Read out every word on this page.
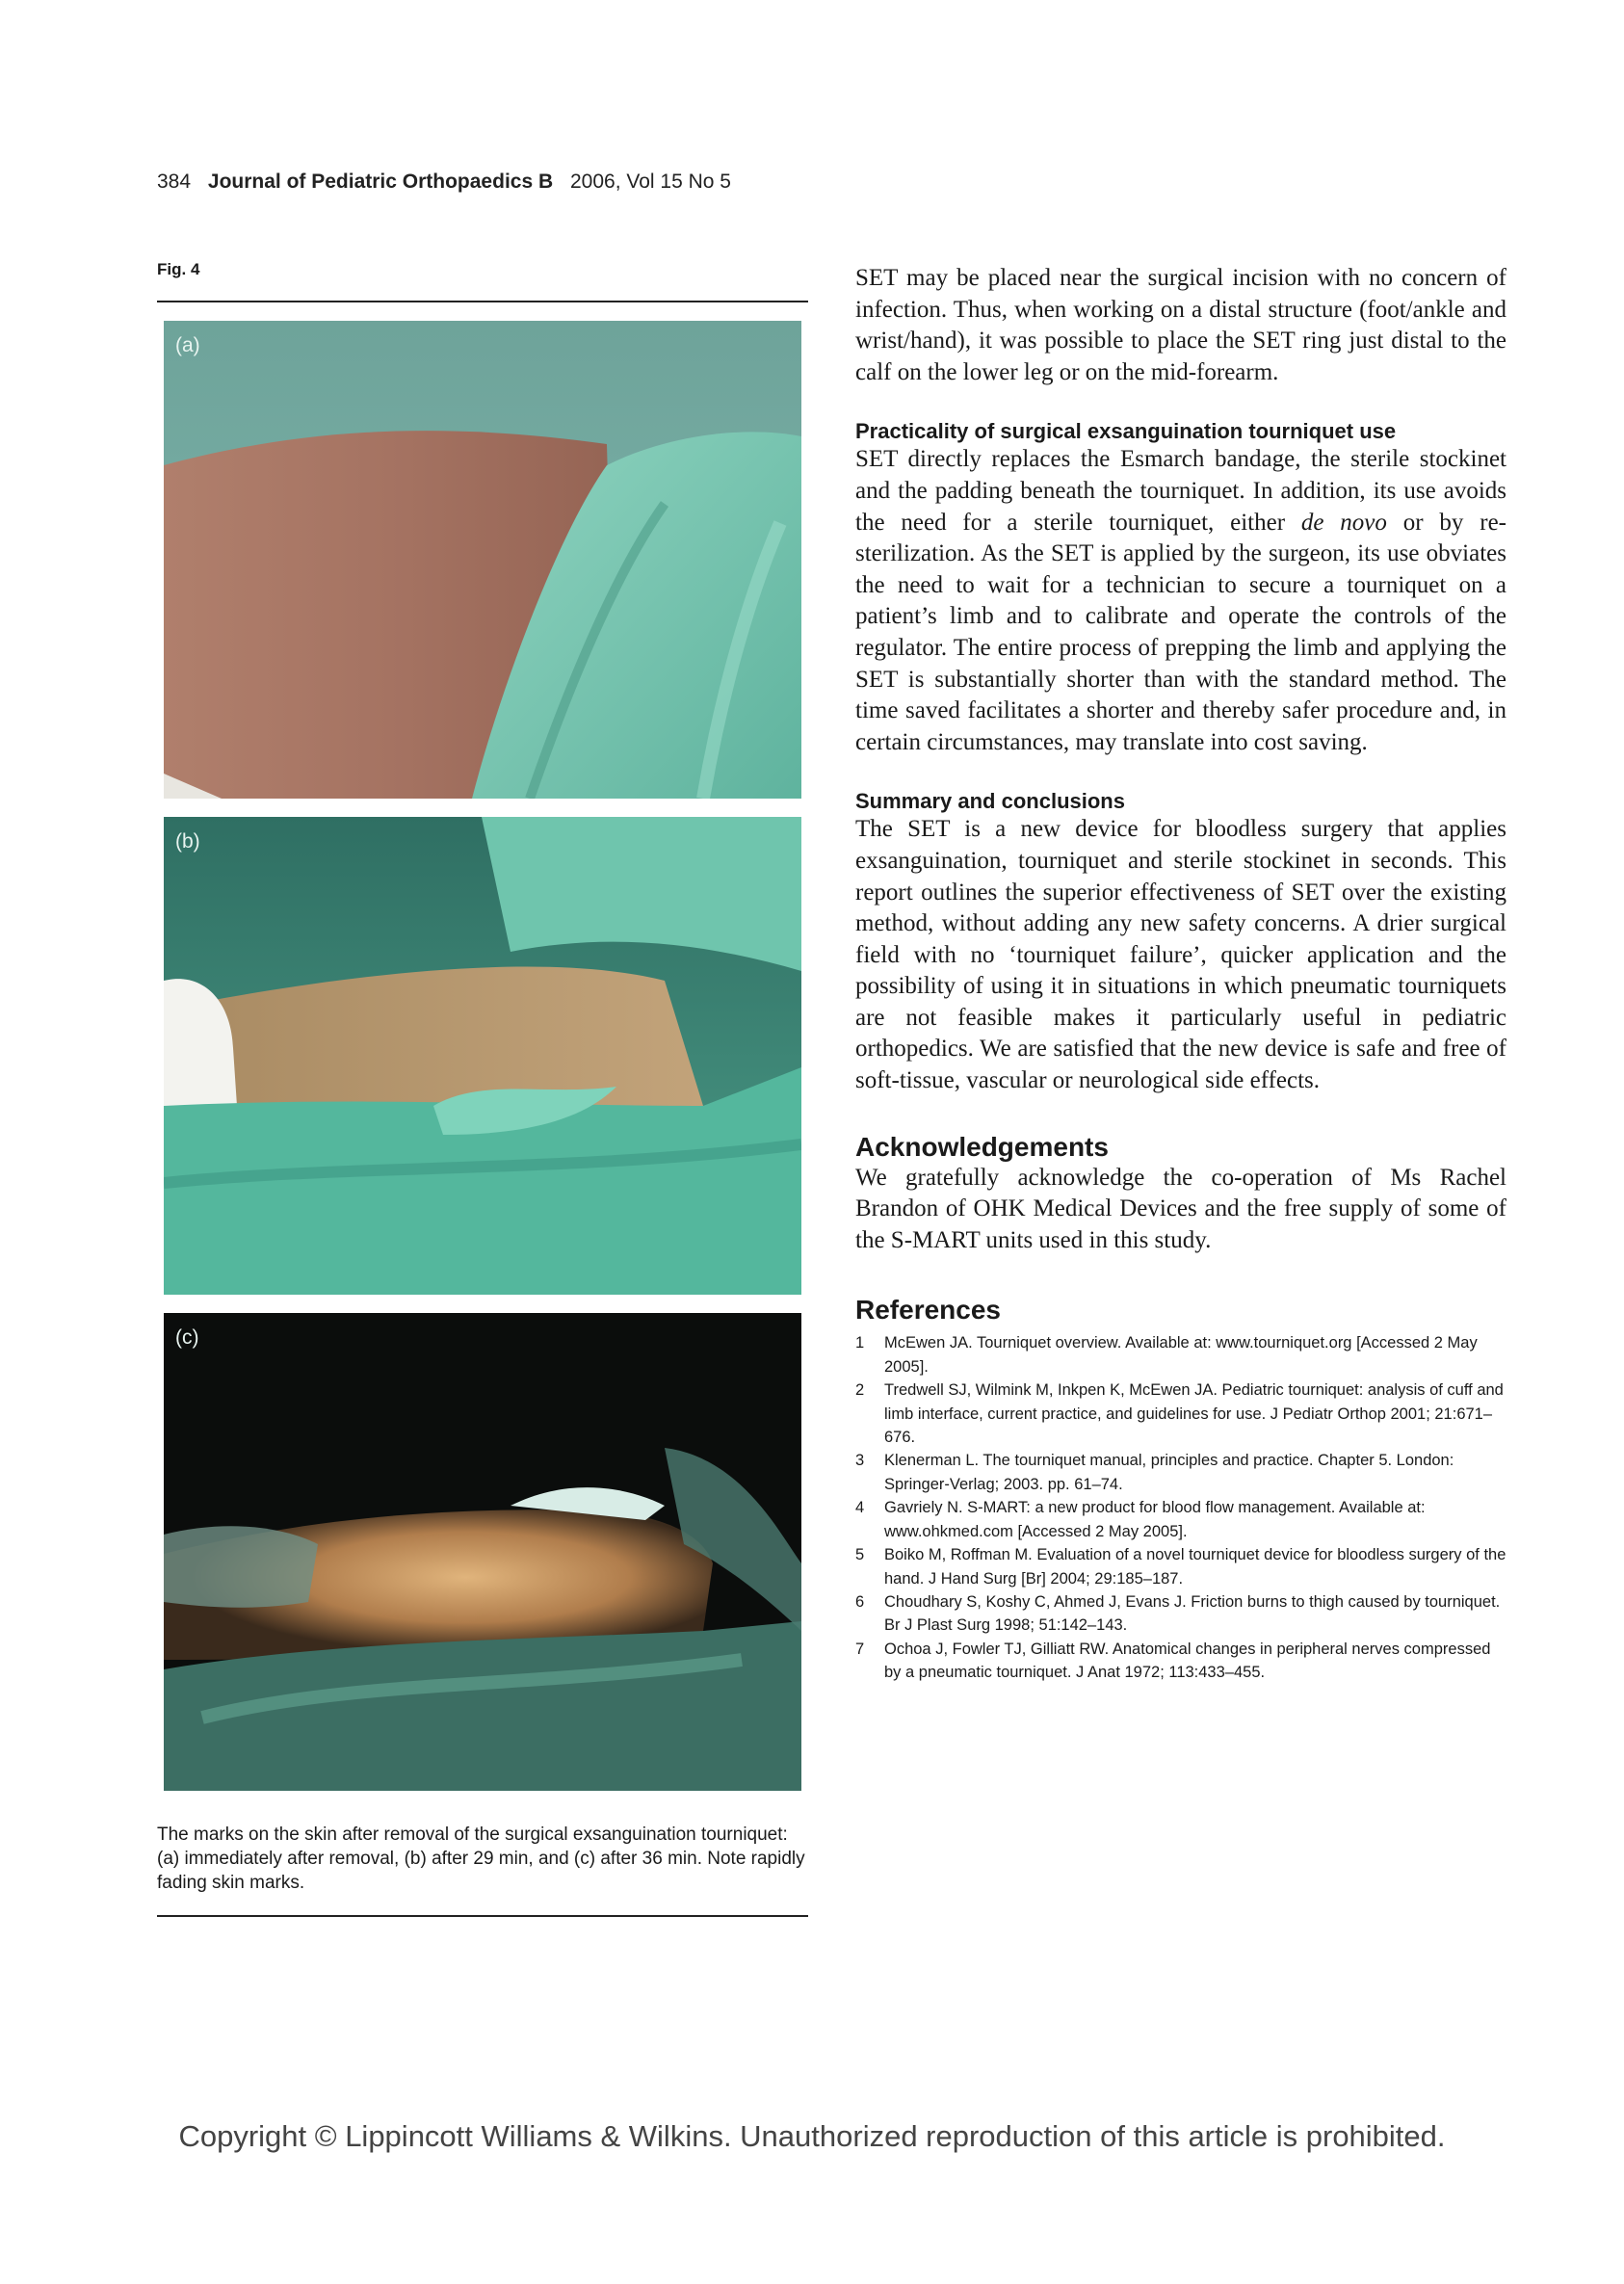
384 Journal of Pediatric Orthopaedics B 2006, Vol 15 No 5
Fig. 4
(a)
(b)
(c)
The marks on the skin after removal of the surgical exsanguination tourniquet: (a) immediately after removal, (b) after 29 min, and (c) after 36 min. Note rapidly fading skin marks.

SET may be placed near the surgical incision with no concern of infection. Thus, when working on a distal structure (foot/ankle and wrist/hand), it was possible to place the SET ring just distal to the calf on the lower leg or on the mid-forearm.

Practicality of surgical exsanguination tourniquet use

SET directly replaces the Esmarch bandage, the sterile stockinet and the padding beneath the tourniquet. In addition, its use avoids the need for a sterile tourniquet, either de novo or by re-sterilization. As the SET is applied by the surgeon, its use obviates the need to wait for a technician to secure a tourniquet on a patient’s limb and to calibrate and operate the controls of the regulator. The entire process of prepping the limb and applying the SET is substantially shorter than with the standard method. The time saved facilitates a shorter and thereby safer procedure and, in certain circumstances, may translate into cost saving.

Summary and conclusions

The SET is a new device for bloodless surgery that applies exsanguination, tourniquet and sterile stockinet in seconds. This report outlines the superior effectiveness of SET over the existing method, without adding any new safety concerns. A drier surgical field with no ‘tourniquet failure’, quicker application and the possibility of using it in situations in which pneumatic tourniquets are not feasible makes it particularly useful in pediatric orthopedics. We are satisfied that the new device is safe and free of soft-tissue, vascular or neurological side effects.

Acknowledgements

We gratefully acknowledge the co-operation of Ms Rachel Brandon of OHK Medical Devices and the free supply of some of the S-MART units used in this study.

References

1 McEwen JA. Tourniquet overview. Available at: www.tourniquet.org [Accessed 2 May 2005].
2 Tredwell SJ, Wilmink M, Inkpen K, McEwen JA. Pediatric tourniquet: analysis of cuff and limb interface, current practice, and guidelines for use. J Pediatr Orthop 2001; 21:671–676.
3 Klenerman L. The tourniquet manual, principles and practice. Chapter 5. London: Springer-Verlag; 2003. pp. 61–74.
4 Gavriely N. S-MART: a new product for blood flow management. Available at: www.ohkmed.com [Accessed 2 May 2005].
5 Boiko M, Roffman M. Evaluation of a novel tourniquet device for bloodless surgery of the hand. J Hand Surg [Br] 2004; 29:185–187.
6 Choudhary S, Koshy C, Ahmed J, Evans J. Friction burns to thigh caused by tourniquet. Br J Plast Surg 1998; 51:142–143.
7 Ochoa J, Fowler TJ, Gilliatt RW. Anatomical changes in peripheral nerves compressed by a pneumatic tourniquet. J Anat 1972; 113:433–455.
Copyright © Lippincott Williams & Wilkins. Unauthorized reproduction of this article is prohibited.
